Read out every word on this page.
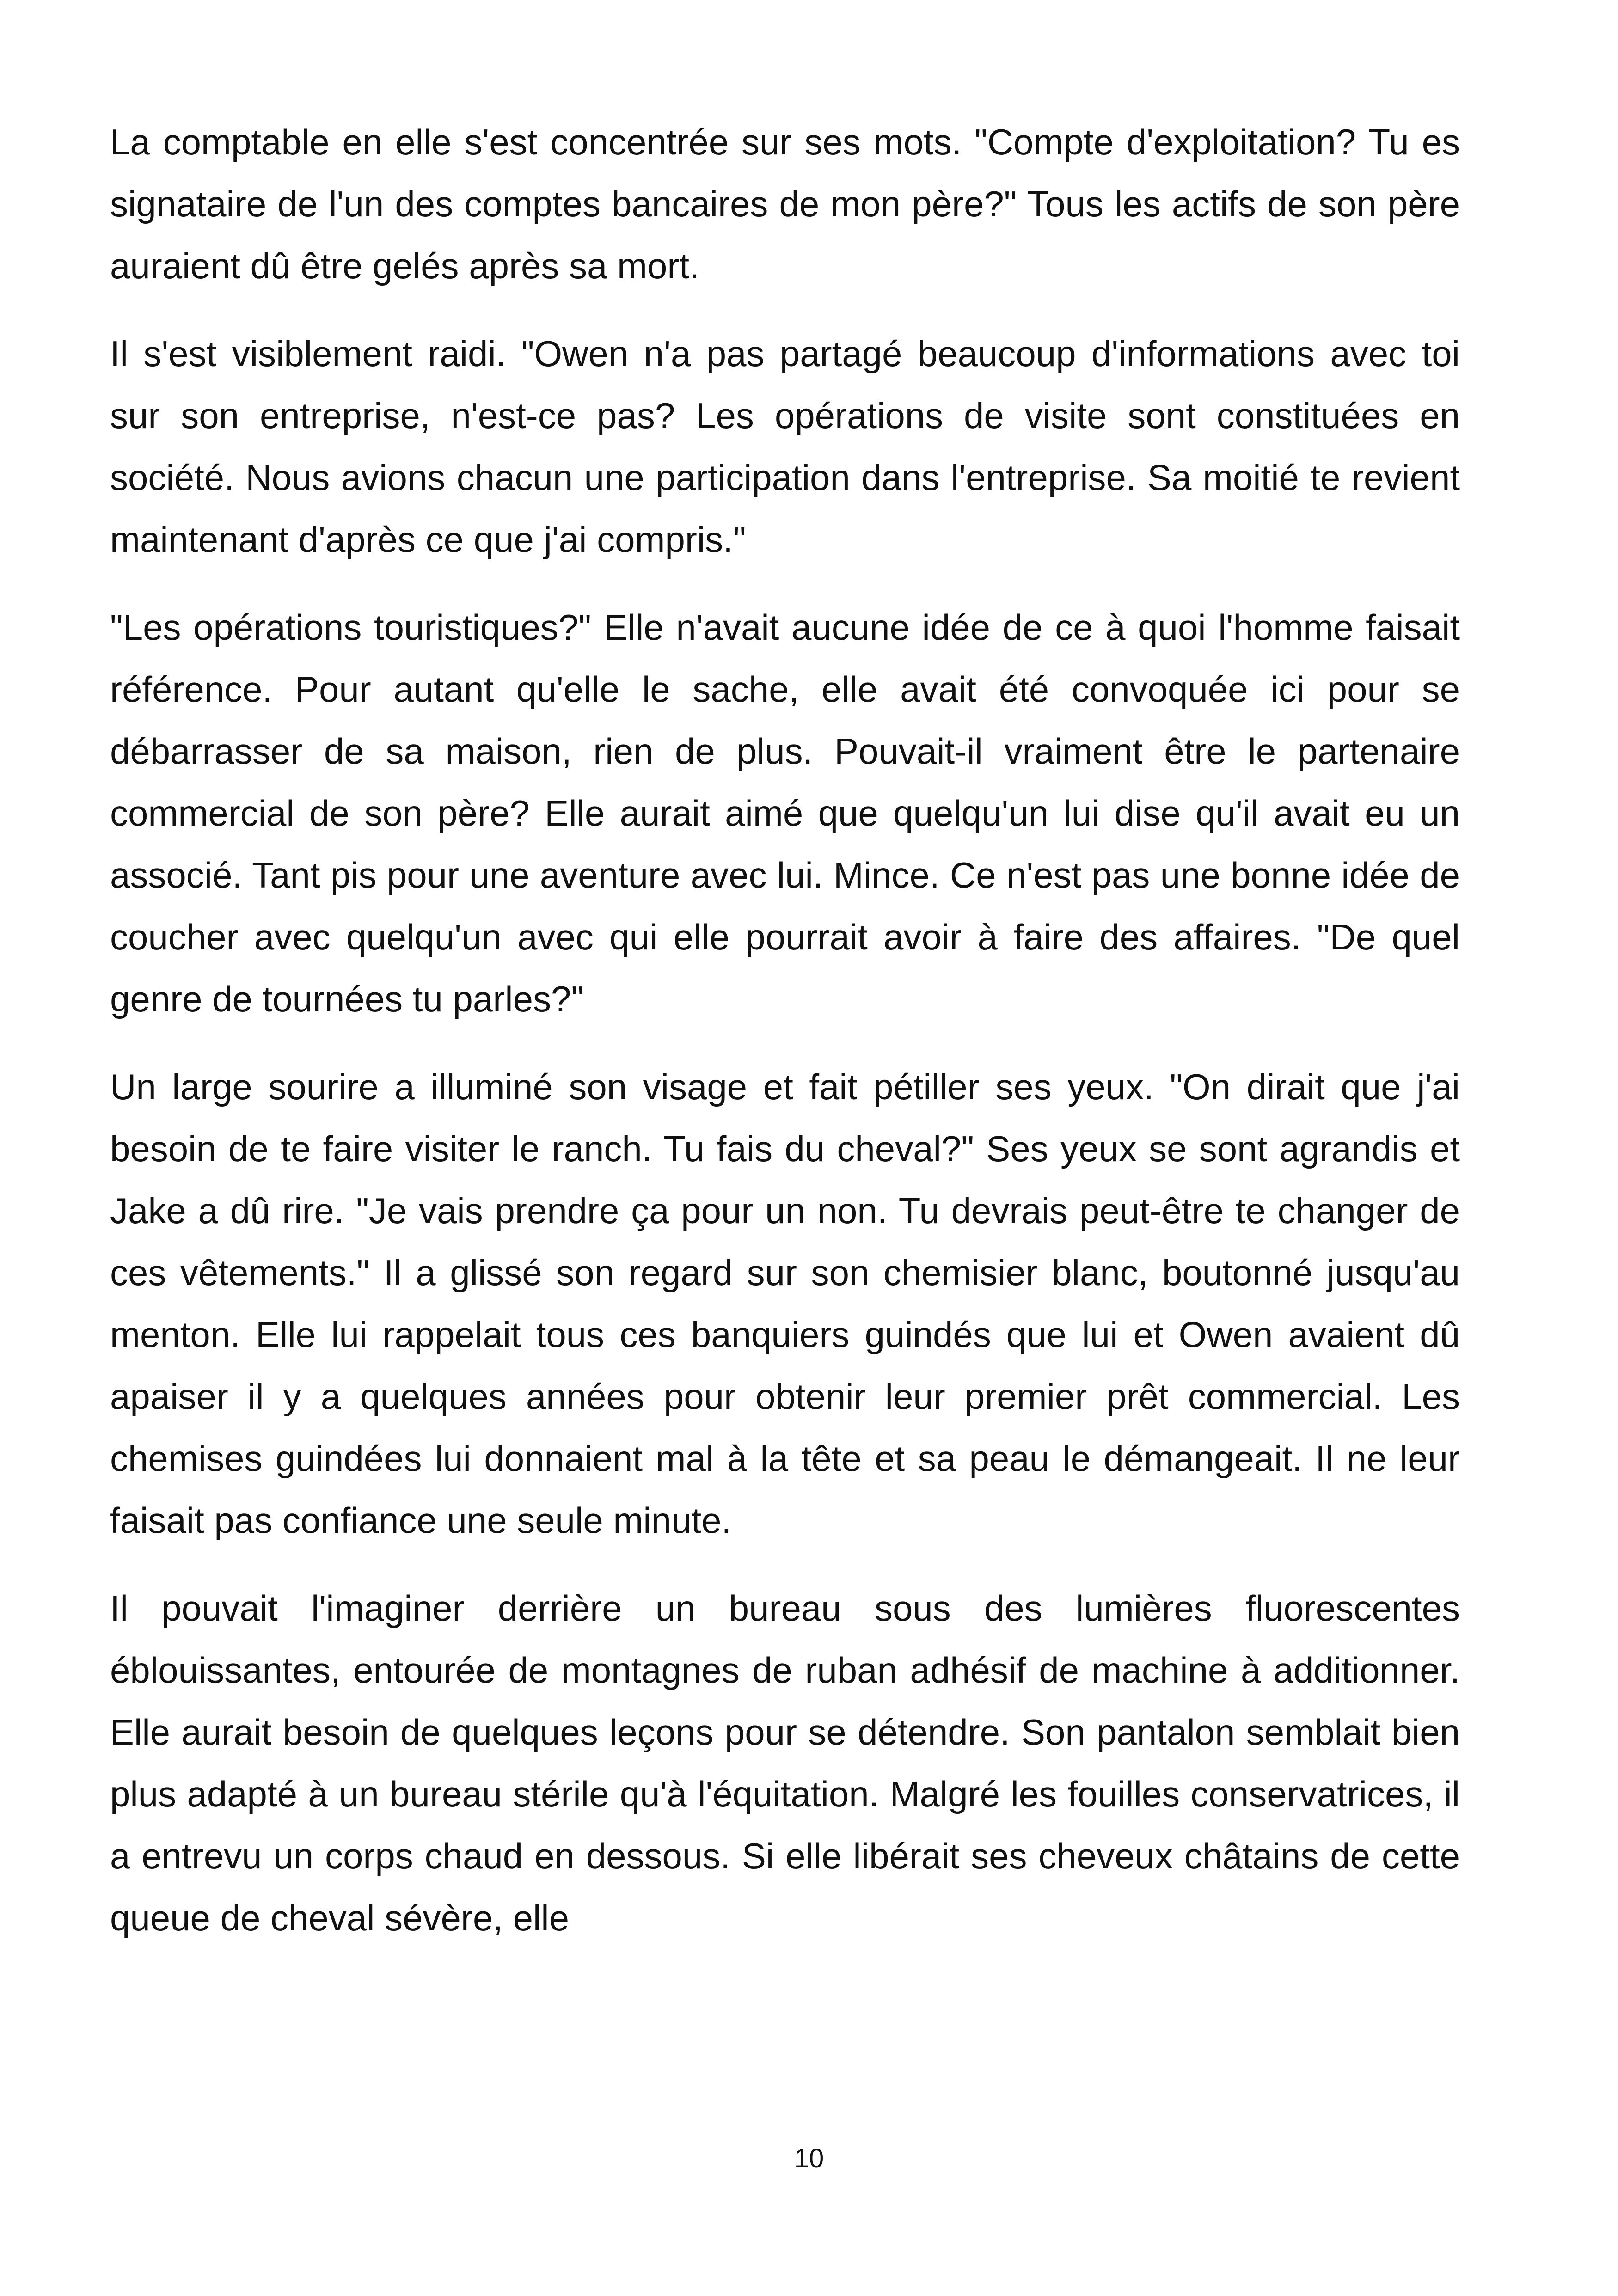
La comptable en elle s'est concentrée sur ses mots. "Compte d'exploitation? Tu es signataire de l'un des comptes bancaires de mon père?" Tous les actifs de son père auraient dû être gelés après sa mort.

Il s'est visiblement raidi. "Owen n'a pas partagé beaucoup d'informations avec toi sur son entreprise, n'est-ce pas? Les opérations de visite sont constituées en société. Nous avions chacun une participation dans l'entreprise. Sa moitié te revient maintenant d'après ce que j'ai compris."

"Les opérations touristiques?" Elle n'avait aucune idée de ce à quoi l'homme faisait référence. Pour autant qu'elle le sache, elle avait été convoquée ici pour se débarrasser de sa maison, rien de plus. Pouvait-il vraiment être le partenaire commercial de son père? Elle aurait aimé que quelqu'un lui dise qu'il avait eu un associé. Tant pis pour une aventure avec lui. Mince. Ce n'est pas une bonne idée de coucher avec quelqu'un avec qui elle pourrait avoir à faire des affaires. "De quel genre de tournées tu parles?"

Un large sourire a illuminé son visage et fait pétiller ses yeux. "On dirait que j'ai besoin de te faire visiter le ranch. Tu fais du cheval?" Ses yeux se sont agrandis et Jake a dû rire. "Je vais prendre ça pour un non. Tu devrais peut-être te changer de ces vêtements." Il a glissé son regard sur son chemisier blanc, boutonné jusqu'au menton. Elle lui rappelait tous ces banquiers guindés que lui et Owen avaient dû apaiser il y a quelques années pour obtenir leur premier prêt commercial. Les chemises guindées lui donnaient mal à la tête et sa peau le démangeait. Il ne leur faisait pas confiance une seule minute.

Il pouvait l'imaginer derrière un bureau sous des lumières fluorescentes éblouissantes, entourée de montagnes de ruban adhésif de machine à additionner. Elle aurait besoin de quelques leçons pour se détendre. Son pantalon semblait bien plus adapté à un bureau stérile qu'à l'équitation. Malgré les fouilles conservatrices, il a entrevu un corps chaud en dessous. Si elle libérait ses cheveux châtains de cette queue de cheval sévère, elle

10
